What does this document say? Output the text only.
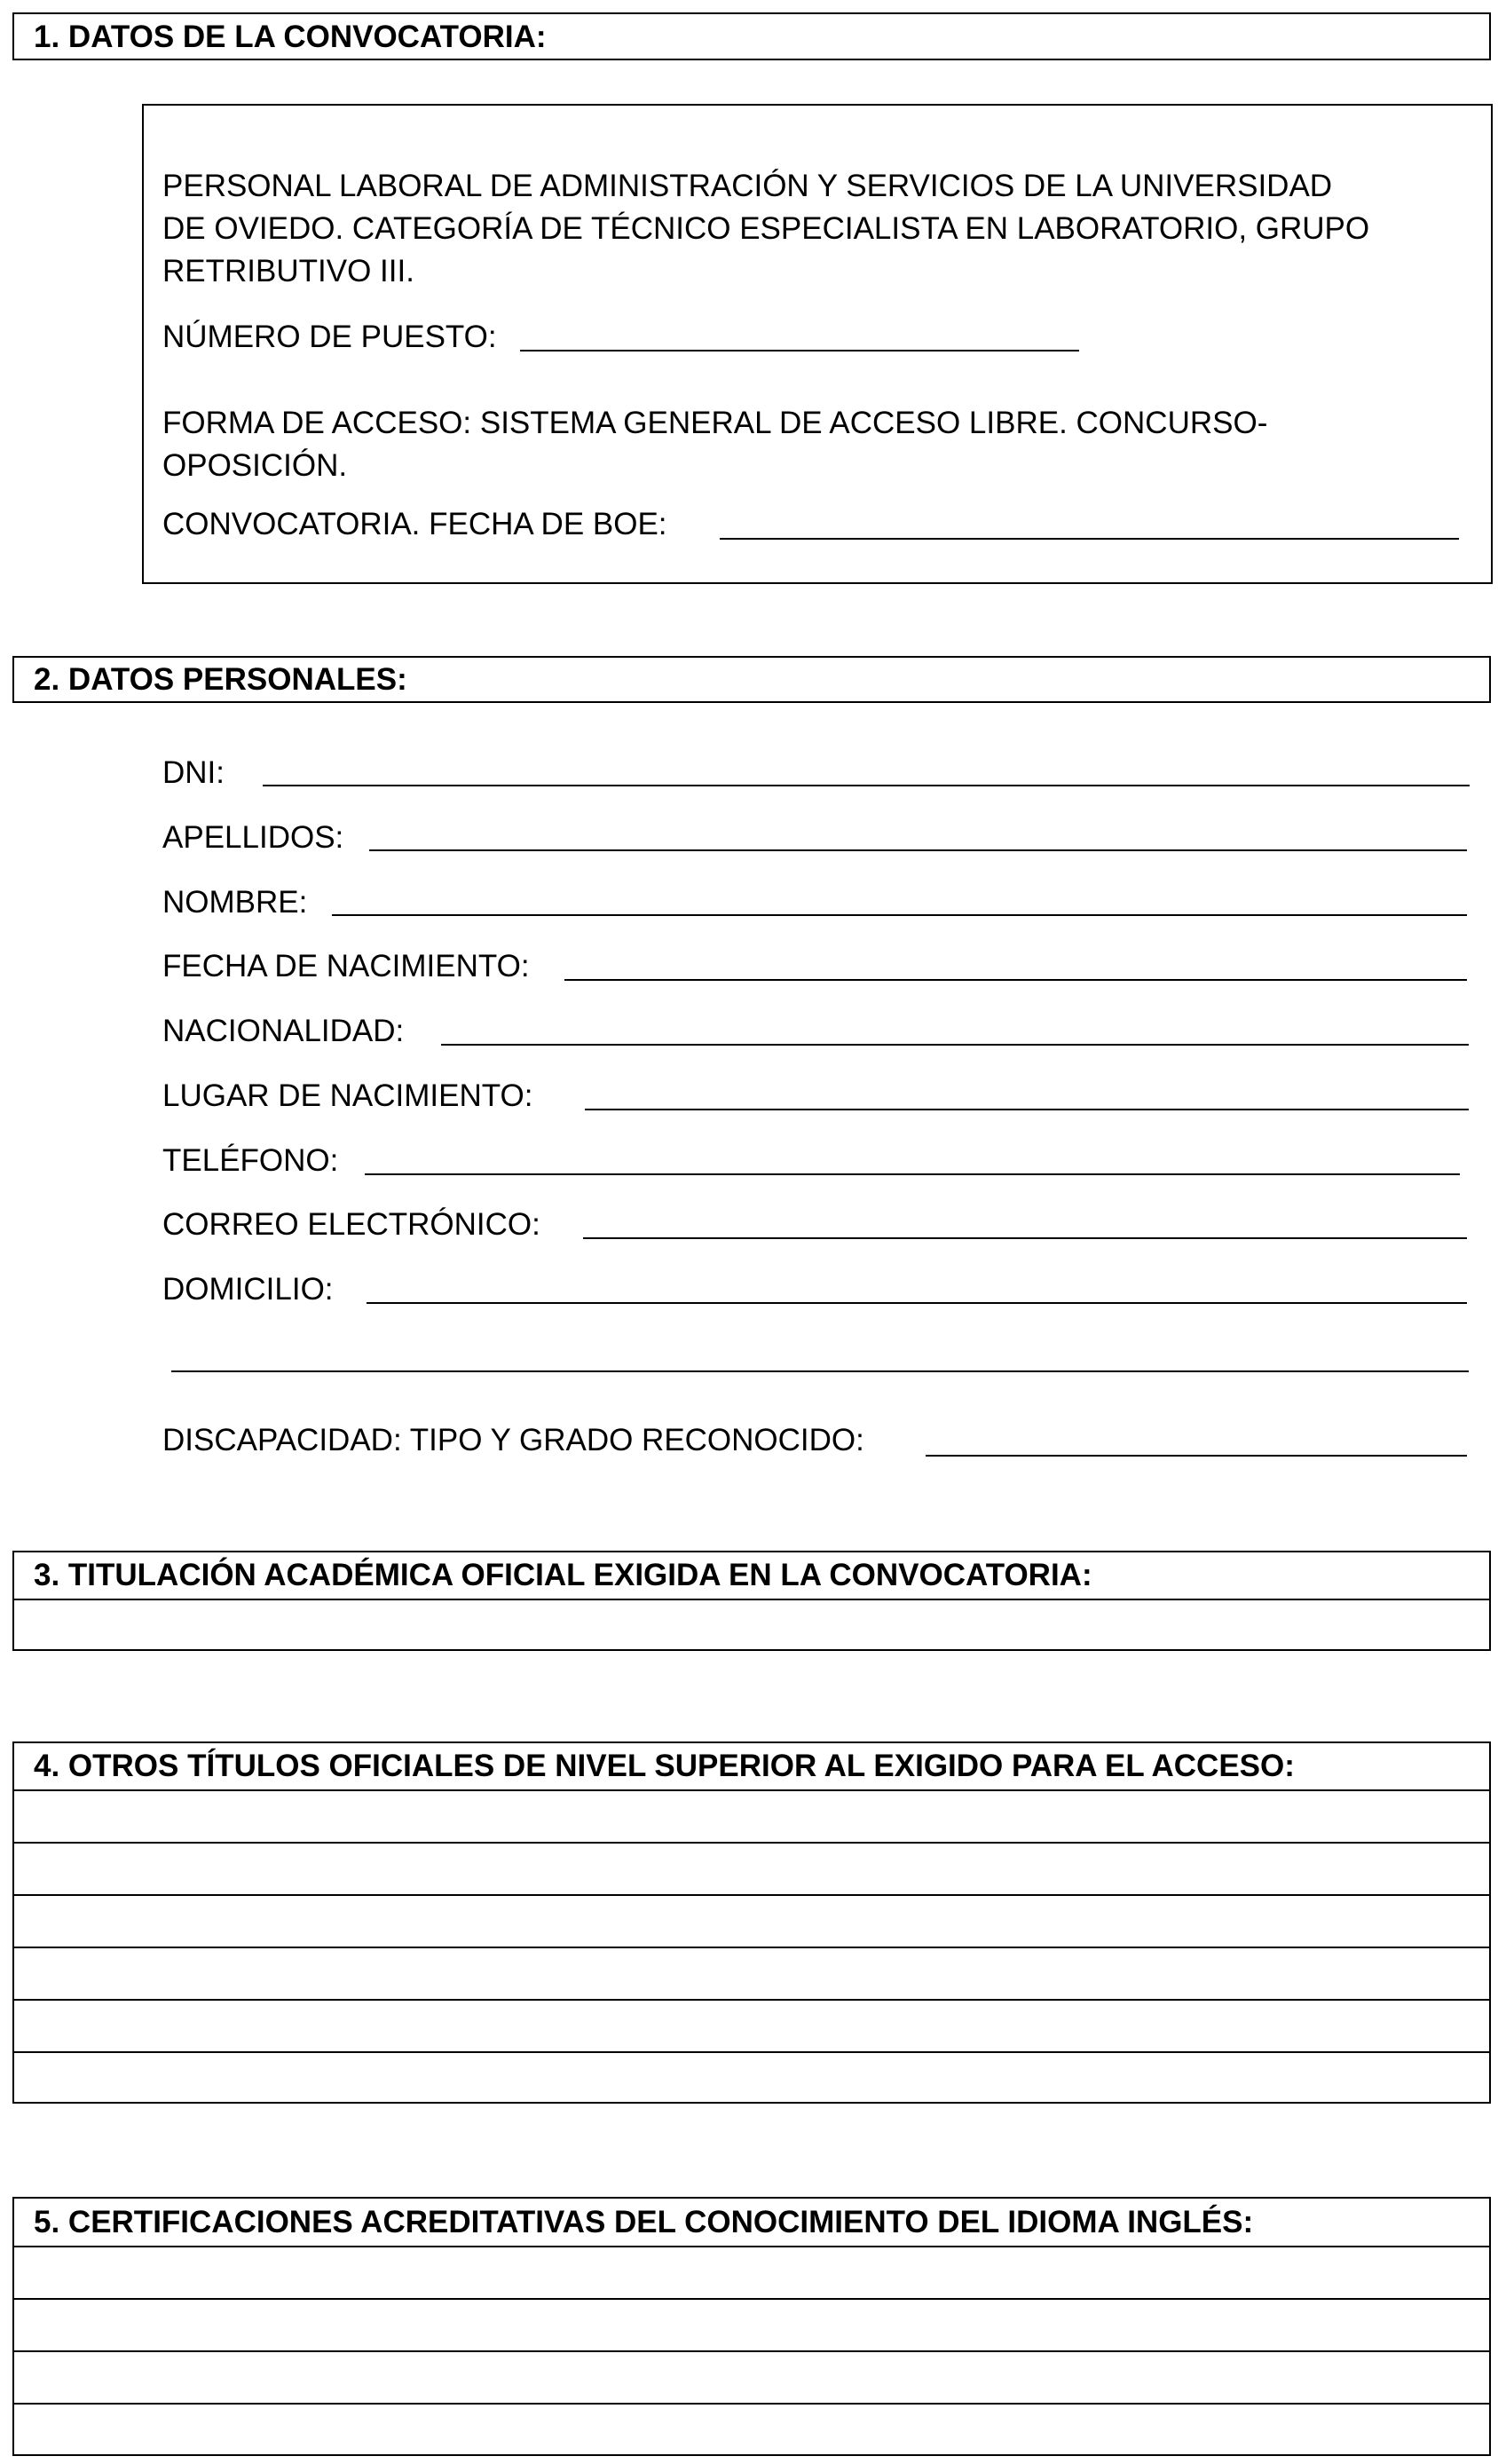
1. DATOS DE LA CONVOCATORIA:
PERSONAL LABORAL DE ADMINISTRACIÓN Y SERVICIOS DE LA UNIVERSIDAD
DE OVIEDO. CATEGORÍA DE TÉCNICO ESPECIALISTA EN LABORATORIO, GRUPO
RETRIBUTIVO III.
NÚMERO DE PUESTO:
FORMA DE ACCESO: SISTEMA GENERAL DE ACCESO LIBRE. CONCURSO-
OPOSICIÓN.
CONVOCATORIA. FECHA DE BOE:
2. DATOS PERSONALES:
DNI:
APELLIDOS:
NOMBRE:
FECHA DE NACIMIENTO:
NACIONALIDAD:
LUGAR DE NACIMIENTO:
TELÉFONO:
CORREO ELECTRÓNICO:
DOMICILIO:
DISCAPACIDAD: TIPO Y GRADO RECONOCIDO:
3. TITULACIÓN ACADÉMICA OFICIAL EXIGIDA EN LA CONVOCATORIA:
4. OTROS TÍTULOS OFICIALES DE NIVEL SUPERIOR AL EXIGIDO PARA EL ACCESO:
5. CERTIFICACIONES ACREDITATIVAS DEL CONOCIMIENTO DEL IDIOMA INGLÉS:
